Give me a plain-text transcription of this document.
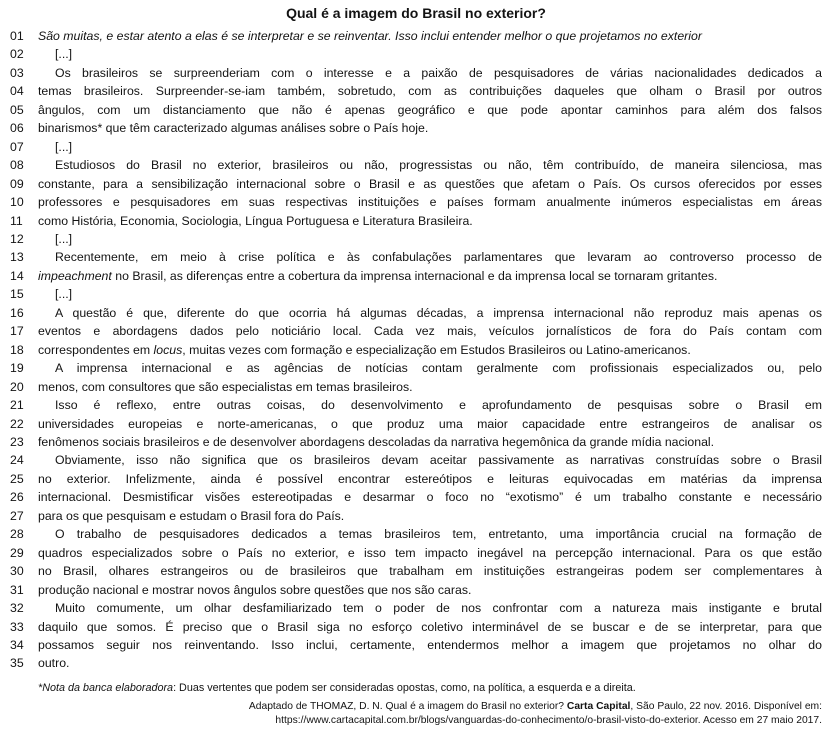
Qual é a imagem do Brasil no exterior?
01	São muitas, e estar atento a elas é se interpretar e se reinventar. Isso inclui entender melhor o que projetamos no exterior
02	[...]
03	Os brasileiros se surpreenderiam com o interesse e a paixão de pesquisadores de várias nacionalidades dedicados a
04	temas brasileiros. Surpreender-se-iam também, sobretudo, com as contribuições daqueles que olham o Brasil por outros
05	ângulos, com um distanciamento que não é apenas geográfico e que pode apontar caminhos para além dos falsos
06	binarismos* que têm caracterizado algumas análises sobre o País hoje.
07	[...]
08	Estudiosos do Brasil no exterior, brasileiros ou não, progressistas ou não, têm contribuído, de maneira silenciosa, mas
09	constante, para a sensibilização internacional sobre o Brasil e as questões que afetam o País. Os cursos oferecidos por esses
10	professores e pesquisadores em suas respectivas instituições e países formam anualmente inúmeros especialistas em áreas
11	como História, Economia, Sociologia, Língua Portuguesa e Literatura Brasileira.
12	[...]
13	Recentemente, em meio à crise política e às confabulações parlamentares que levaram ao controverso processo de
14	impeachment no Brasil, as diferenças entre a cobertura da imprensa internacional e da imprensa local se tornaram gritantes.
15	[...]
16	A questão é que, diferente do que ocorria há algumas décadas, a imprensa internacional não reproduz mais apenas os
17	eventos e abordagens dados pelo noticiário local. Cada vez mais, veículos jornalísticos de fora do País contam com
18	correspondentes em locus, muitas vezes com formação e especialização em Estudos Brasileiros ou Latino-americanos.
19	A imprensa internacional e as agências de notícias contam geralmente com profissionais especializados ou, pelo
20	menos, com consultores que são especialistas em temas brasileiros.
21	Isso é reflexo, entre outras coisas, do desenvolvimento e aprofundamento de pesquisas sobre o Brasil em
22	universidades europeias e norte-americanas, o que produz uma maior capacidade entre estrangeiros de analisar os
23	fenômenos sociais brasileiros e de desenvolver abordagens descoladas da narrativa hegemônica da grande mídia nacional.
24	Obviamente, isso não significa que os brasileiros devam aceitar passivamente as narrativas construídas sobre o Brasil
25	no exterior. Infelizmente, ainda é possível encontrar estereótipos e leituras equivocadas em matérias da imprensa
26	internacional. Desmistificar visões estereotipadas e desarmar o foco no “exotismo” é um trabalho constante e necessário
27	para os que pesquisam e estudam o Brasil fora do País.
28	O trabalho de pesquisadores dedicados a temas brasileiros tem, entretanto, uma importância crucial na formação de
29	quadros especializados sobre o País no exterior, e isso tem impacto inegável na percepção internacional. Para os que estão
30	no Brasil, olhares estrangeiros ou de brasileiros que trabalham em instituições estrangeiras podem ser complementares à
31	produção nacional e mostrar novos ângulos sobre questões que nos são caras.
32	Muito comumente, um olhar desfamiliarizado tem o poder de nos confrontar com a natureza mais instigante e brutal
33	daquilo que somos. É preciso que o Brasil siga no esforço coletivo interminável de se buscar e de se interpretar, para que
34	possamos seguir nos reinventando. Isso inclui, certamente, entendermos melhor a imagem que projetamos no olhar do
35	outro.
*Nota da banca elaboradora: Duas vertentes que podem ser consideradas opostas, como, na política, a esquerda e a direita.
Adaptado de THOMAZ, D. N. Qual é a imagem do Brasil no exterior? Carta Capital, São Paulo, 22 nov. 2016. Disponível em:
https://www.cartacapital.com.br/blogs/vanguardas-do-conhecimento/o-brasil-visto-do-exterior. Acesso em 27 maio 2017.
